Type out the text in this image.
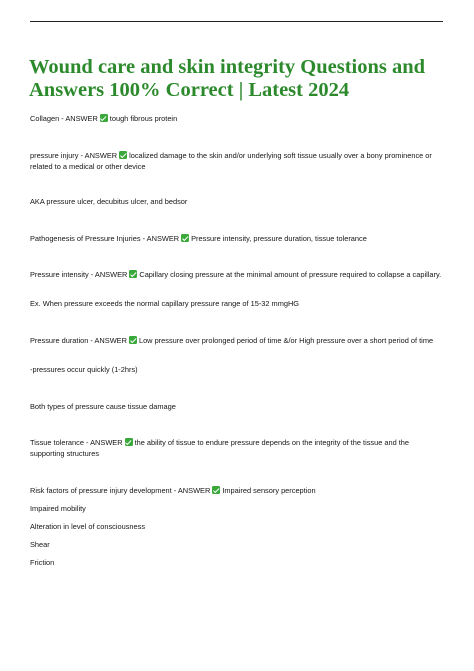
Wound care and skin integrity Questions and Answers 100% Correct | Latest 2024

Collagen - ANSWER tough fibrous protein

pressure injury - ANSWER localized damage to the skin and/or underlying soft tissue usually over a bony prominence or related to a medical or other device

AKA pressure ulcer, decubitus ulcer, and bedsor

Pathogenesis of Pressure Injuries - ANSWER Pressure intensity, pressure duration, tissue tolerance

Pressure intensity - ANSWER Capillary closing pressure at the minimal amount of pressure required to collapse a capillary.

Ex. When pressure exceeds the normal capillary pressure range of 15-32 mmgHG

Pressure duration - ANSWER Low pressure over prolonged period of time &/or High pressure over a short period of time

-pressures occur quickly (1-2hrs)

Both types of pressure cause tissue damage

Tissue tolerance - ANSWER the ability of tissue to endure pressure depends on the integrity of the tissue and the supporting structures

Risk factors of pressure injury development - ANSWER Impaired sensory perception

Impaired mobility

Alteration in level of consciousness

Shear

Friction
